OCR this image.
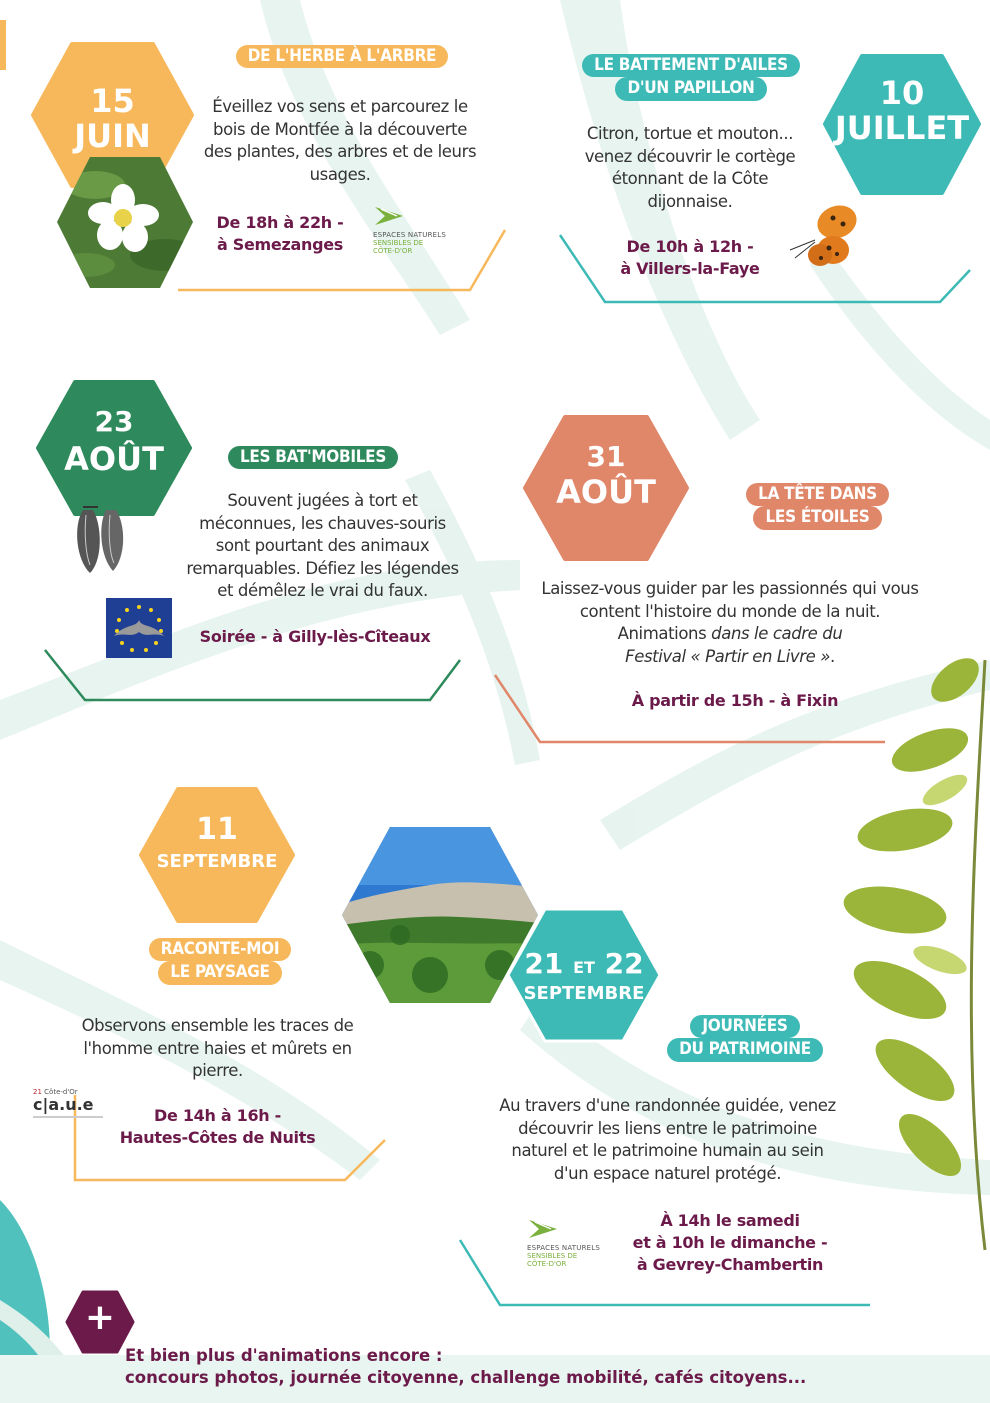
15
JUIN
DE L'HERBE À L'ARBRE
Éveillez vos sens et parcourez le
bois de Montfée à la découverte
des plantes, des arbres et de leurs
usages.
De 18h à 22h -
à Semezanges	ESPACES NATURELS
SENSIBLES DE
CÔTE-D'OR
10
JUILLET
LE BATTEMENT D'AILES
D'UN PAPILLON
Citron, tortue et mouton...
venez découvrir le cortège
étonnant de la Côte
dijonnaise.
De 10h à 12h -
à Villers-la-Faye
23
AOÛT	LES BAT'MOBILES
Souvent jugées à tort et
méconnues, les chauves-souris
sont pourtant des animaux
remarquables. Défiez les légendes
et démêlez le vrai du faux.
Soirée - à Gilly-lès-Cîteaux
31
AOÛT	LA TÊTE DANS
LES ÉTOILES
Laissez-vous guider par les passionnés qui vous
content l'histoire du monde de la nuit.
Animations dans le cadre du
Festival « Partir en Livre ».
À partir de 15h - à Fixin
11
SEPTEMBRE
RACONTE-MOI
LE PAYSAGE
Observons ensemble les traces de
l'homme entre haies et mûrets en
pierre.
21 Côte-d'Or
c|a.u.e
De 14h à 16h -
Hautes-Côtes de Nuits
21 ET 22
SEPTEMBRE
JOURNÉES
DU PATRIMOINE
Au travers d'une randonnée guidée, venez
découvrir les liens entre le patrimoine
naturel et le patrimoine humain au sein
d'un espace naturel protégé.
ESPACES NATURELS
SENSIBLES DE
CÔTE-D'OR
À 14h le samedi
et à 10h le dimanche -
à Gevrey-Chambertin
+
Et bien plus d'animations encore :
concours photos, journée citoyenne, challenge mobilité, cafés citoyens...
